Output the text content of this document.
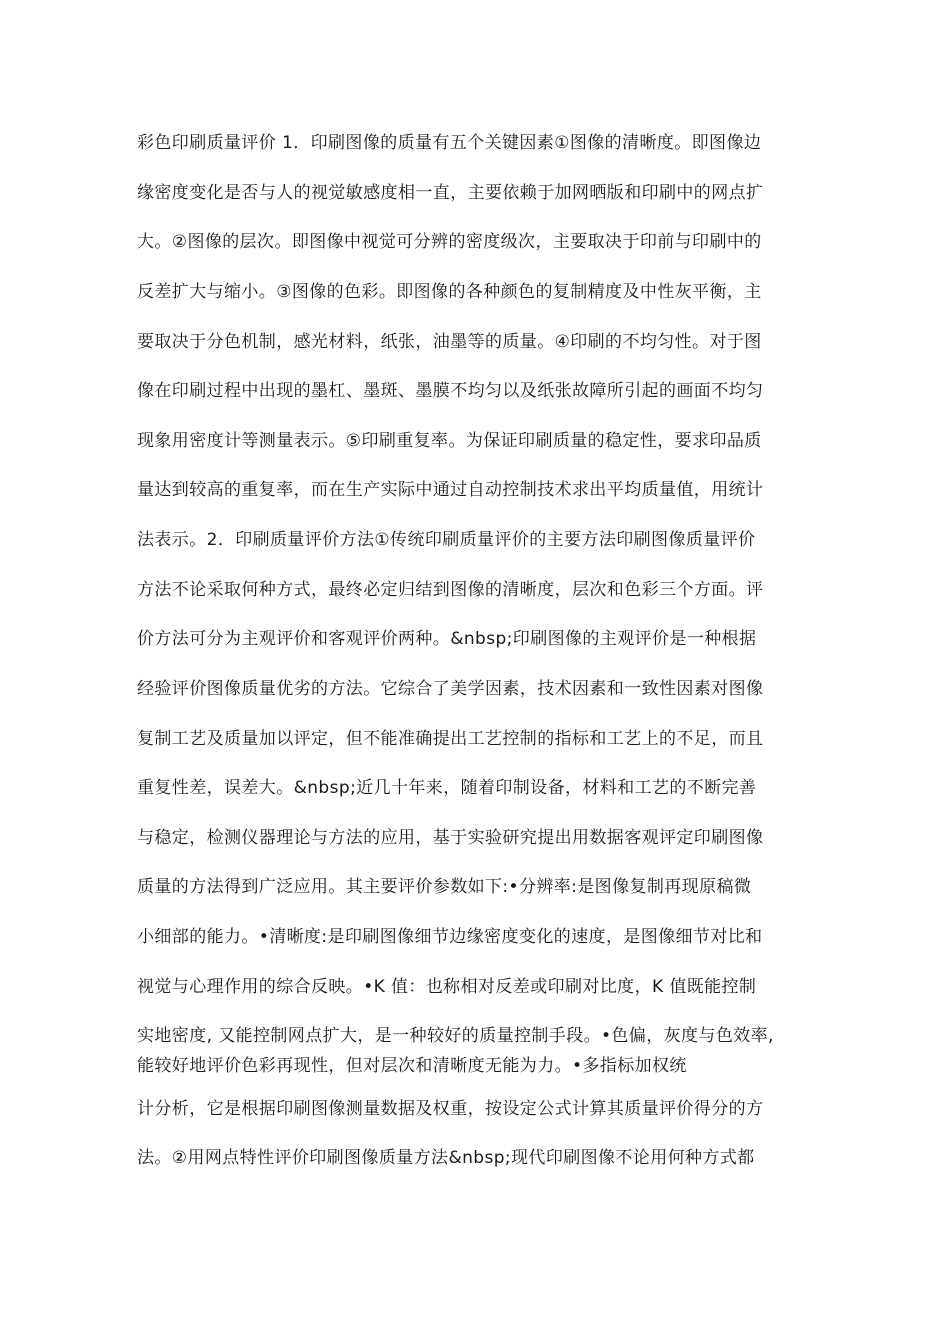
彩色印刷质量评价 1．印刷图像的质量有五个关键因素①图像的清晰度。即图像边
缘密度变化是否与人的视觉敏感度相一直，主要依赖于加网晒版和印刷中的网点扩
大。②图像的层次。即图像中视觉可分辨的密度级次，主要取决于印前与印刷中的
反差扩大与缩小。③图像的色彩。即图像的各种颜色的复制精度及中性灰平衡，主
要取决于分色机制，感光材料，纸张，油墨等的质量。④印刷的不均匀性。对于图
像在印刷过程中出现的墨杠、墨斑、墨膜不均匀以及纸张故障所引起的画面不均匀
现象用密度计等测量表示。⑤印刷重复率。为保证印刷质量的稳定性，要求印品质
量达到较高的重复率，而在生产实际中通过自动控制技术求出平均质量值，用统计
法表示。2．印刷质量评价方法①传统印刷质量评价的主要方法印刷图像质量评价
方法不论采取何种方式，最终必定归结到图像的清晰度，层次和色彩三个方面。评
价方法可分为主观评价和客观评价两种。&nbsp;印刷图像的主观评价是一种根据
经验评价图像质量优劣的方法。它综合了美学因素，技术因素和一致性因素对图像
复制工艺及质量加以评定，但不能准确提出工艺控制的指标和工艺上的不足，而且
重复性差，误差大。&nbsp;近几十年来，随着印制设备，材料和工艺的不断完善
与稳定，检测仪器理论与方法的应用，基于实验研究提出用数据客观评定印刷图像
质量的方法得到广泛应用。其主要评价参数如下:•分辨率:是图像复制再现原稿微
小细部的能力。•清晰度:是印刷图像细节边缘密度变化的速度，是图像细节对比和
视觉与心理作用的综合反映。•K 值：也称相对反差或印刷对比度，K 值既能控制
实地密度, 又能控制网点扩大，是一种较好的质量控制手段。•色偏，灰度与色效率,
能较好地评价色彩再现性，但对层次和清晰度无能为力。•多指标加权统
计分析，它是根据印刷图像测量数据及权重，按设定公式计算其质量评价得分的方
法。②用网点特性评价印刷图像质量方法&nbsp;现代印刷图像不论用何种方式都
